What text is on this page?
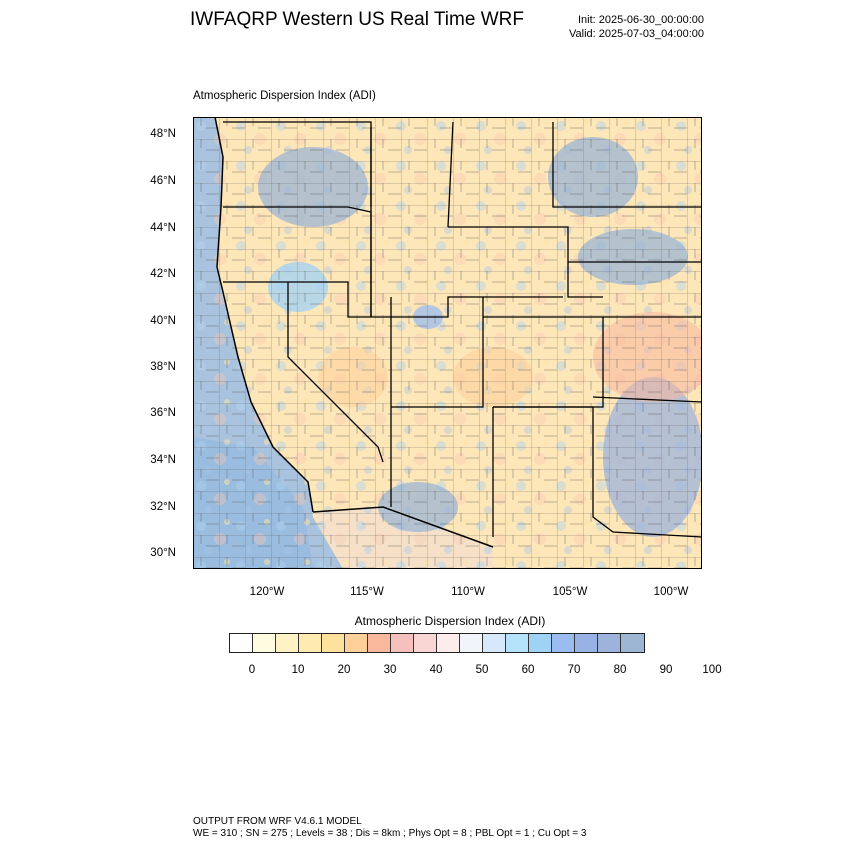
IWFAQRP Western US Real Time WRF	Init: 2025-06-30_00:00:00
Valid: 2025-07-03_04:00:00
Atmospheric Dispersion Index (ADI)
48°N
46°N
44°N
42°N
40°N
38°N
36°N
34°N
32°N
30°N
120°W	115°W	110°W	105°W	100°W
Atmospheric Dispersion Index (ADI)
0	10	20	30	40	50	60	70	80	90	100
OUTPUT FROM WRF V4.6.1 MODEL
WE = 310 ; SN = 275 ; Levels = 38 ; Dis = 8km ; Phys Opt = 8 ; PBL Opt = 1 ; Cu Opt = 3
